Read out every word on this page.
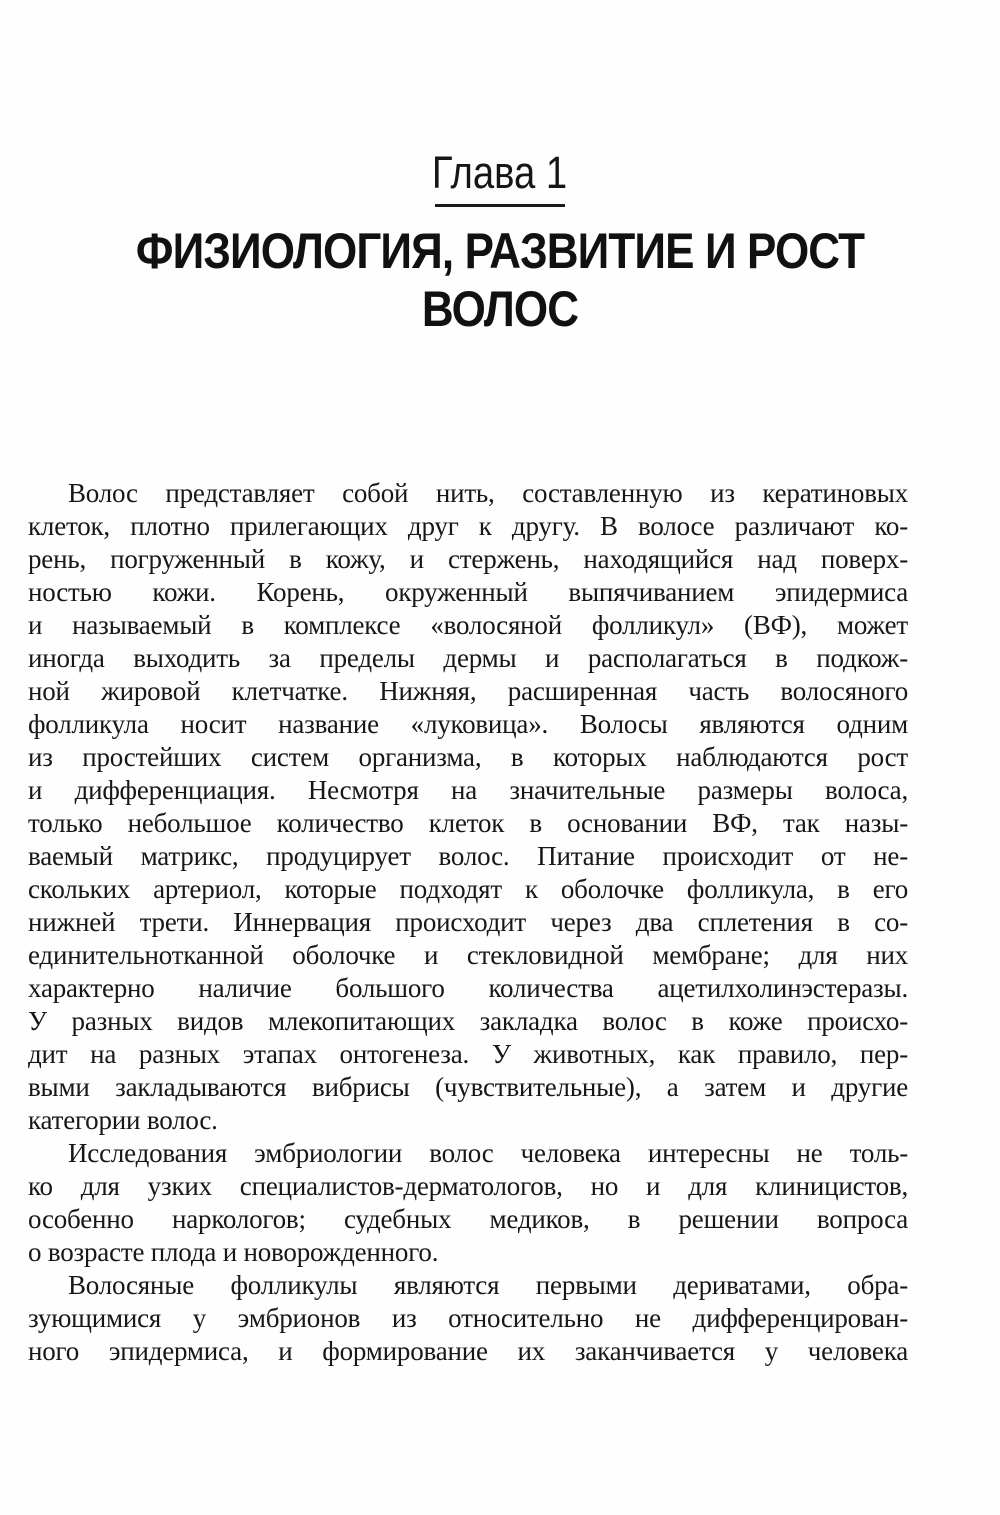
Глава 1
ФИЗИОЛОГИЯ, РАЗВИТИЕ И РОСТ
ВОЛОС
Волос представляет собой нить, составленную из кератиновых
клеток, плотно прилегающих друг к другу. В волосе различают ко-
рень, погруженный в кожу, и стержень, находящийся над поверх-
ностью кожи. Корень, окруженный выпячиванием эпидермиса
и называемый в комплексе «волосяной фолликул» (ВФ), может
иногда выходить за пределы дермы и располагаться в подкож-
ной жировой клетчатке. Нижняя, расширенная часть волосяного
фолликула носит название «луковица». Волосы являются одним
из простейших систем организма, в которых наблюдаются рост
и дифференциация. Несмотря на значительные размеры волоса,
только небольшое количество клеток в основании ВФ, так назы-
ваемый матрикс, продуцирует волос. Питание происходит от не-
скольких артериол, которые подходят к оболочке фолликула, в его
нижней трети. Иннервация происходит через два сплетения в со-
единительнотканной оболочке и стекловидной мембране; для них
характерно наличие большого количества ацетилхолинэстеразы.
У разных видов млекопитающих закладка волос в коже происхо-
дит на разных этапах онтогенеза. У животных, как правило, пер-
выми закладываются вибрисы (чувствительные), а затем и другие
категории волос.
Исследования эмбриологии волос человека интересны не толь-
ко для узких специалистов-дерматологов, но и для клиницистов,
особенно наркологов; судебных медиков, в решении вопроса
о возрасте плода и новорожденного.
Волосяные фолликулы являются первыми дериватами, обра-
зующимися у эмбрионов из относительно не дифференцирован-
ного эпидермиса, и формирование их заканчивается у человека
